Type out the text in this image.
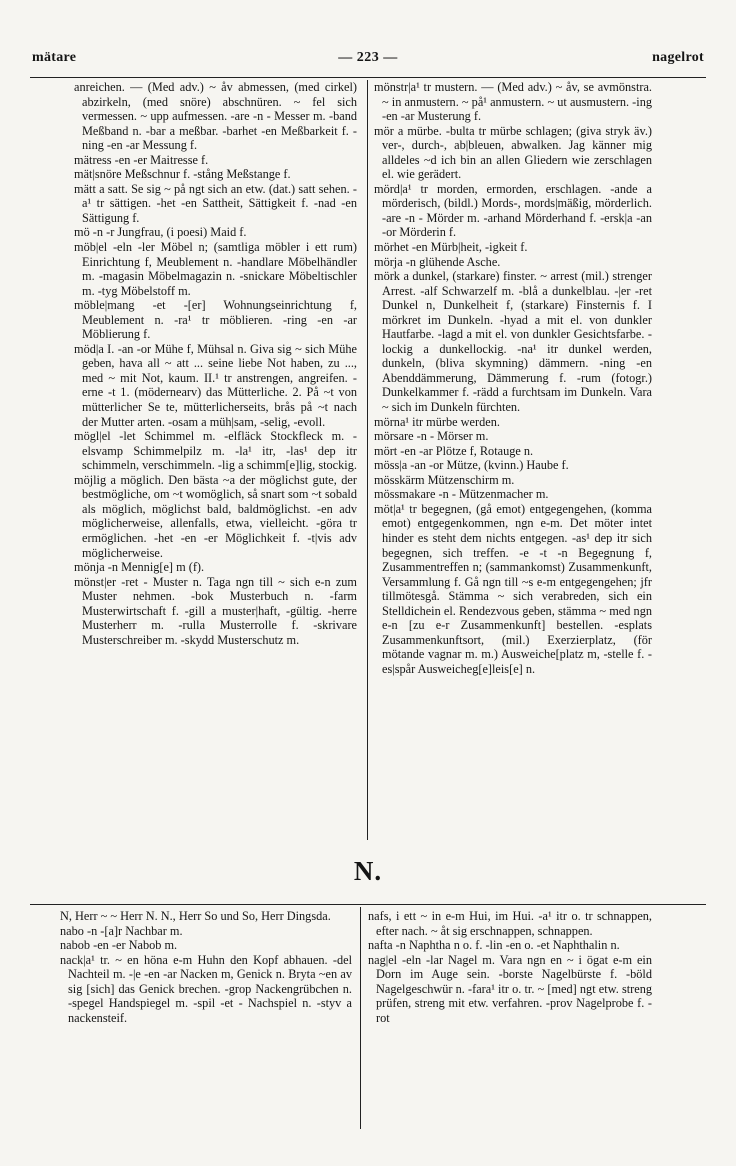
mätare	— 223 —	nagelrot

anreichen. — (Med adv.) ~ åv abmessen, (med cirkel) abzirkeln, (med snöre) abschnüren. ~ fel sich vermessen. ~ upp aufmessen. -are -n - Messer m. -band Meßband n. -bar a meßbar. -barhet -en Meßbarkeit f. -ning -en -ar Messung f.

mätress -en -er Maitresse f.

mät|snöre Meßschnur f. -stång Meßstange f.

mätt a satt. Se sig ~ på ngt sich an etw. (dat.) satt sehen. -a¹ tr sättigen. -het -en Sattheit, Sättigkeit f. -nad -en Sättigung f.

mö -n -r Jungfrau, (i poesi) Maid f.

möb|el -eln -ler Möbel n; (samtliga möbler i ett rum) Einrichtung f, Meublement n. -handlare Möbelhändler m. -magasin Möbelmagazin n. -snickare Möbeltischler m. -tyg Möbelstoff m.

möble|mang -et -[er] Wohnungseinrichtung f, Meublement n. -ra¹ tr möblieren. -ring -en -ar Möblierung f.

möd|a I. -an -or Mühe f, Mühsal n. Giva sig ~ sich Mühe geben, hava all ~ att ... seine liebe Not haben, zu ..., med ~ mit Not, kaum. II.¹ tr anstrengen, angreifen. -erne -t 1. (mödernearv) das Mütterliche. 2. På ~t von mütterlicher Se te, mütterlicherseits, brås på ~t nach der Mutter arten. -osam a müh|sam, -selig, -evoll.

mögl|el -let Schimmel m. -elfläck Stockfleck m. -elsvamp Schimmelpilz m. -la¹ itr, -las¹ dep itr schimmeln, verschimmeln. -lig a schimm[e]lig, stockig.

möjlig a möglich. Den bästa ~a der möglichst gute, der bestmögliche, om ~t womöglich, så snart som ~t sobald als möglich, möglichst bald, baldmöglichst. -en adv möglicherweise, allenfalls, etwa, vielleicht. -göra tr ermöglichen. -het -en -er Möglichkeit f. -t|vis adv möglicherweise.

mönja -n Mennig[e] m (f).

mönst|er -ret - Muster n. Taga ngn till ~ sich e-n zum Muster nehmen. -bok Musterbuch n. -farm Musterwirtschaft f. -gill a muster|haft, -gültig. -herre Musterherr m. -rulla Musterrolle f. -skrivare Musterschreiber m. -skydd Musterschutz m.

mönstr|a¹ tr mustern. — (Med adv.) ~ åv, se avmönstra. ~ in anmustern. ~ på¹ anmustern. ~ ut ausmustern. -ing -en -ar Musterung f.

mör a mürbe. -bulta tr mürbe schlagen; (giva stryk äv.) ver-, durch-, ab|bleuen, abwalken. Jag känner mig alldeles ~d ich bin an allen Gliedern wie zerschlagen el. wie gerädert.

mörd|a¹ tr morden, ermorden, erschlagen. -ande a mörderisch, (bildl.) Mords-, mords|mäßig, mörderlich. -are -n - Mörder m. -arhand Mörderhand f. -ersk|a -an -or Mörderin f.

mörhet -en Mürb|heit, -igkeit f.

mörja -n glühende Asche.

mörk a dunkel, (starkare) finster. ~ arrest (mil.) strenger Arrest. -alf Schwarzelf m. -blå a dunkelblau. -|er -ret Dunkel n, Dunkelheit f, (starkare) Finsternis f. I mörkret im Dunkeln. -hyad a mit el. von dunkler Hautfarbe. -lagd a mit el. von dunkler Gesichtsfarbe. -lockig a dunkellockig. -na¹ itr dunkel werden, dunkeln, (bliva skymning) dämmern. -ning -en Abenddämmerung, Dämmerung f. -rum (fotogr.) Dunkelkammer f. -rädd a furchtsam im Dunkeln. Vara ~ sich im Dunkeln fürchten.

mörna¹ itr mürbe werden.

mörsare -n - Mörser m.

mört -en -ar Plötze f, Rotauge n.

möss|a -an -or Mütze, (kvinn.) Haube f.

mösskärm Mützenschirm m.

mössmakare -n - Mützenmacher m.

möt|a¹ tr begegnen, (gå emot) entgegengehen, (komma emot) entgegenkommen, ngn e-m. Det möter intet hinder es steht dem nichts entgegen. -as¹ dep itr sich begegnen, sich treffen. -e -t -n Begegnung f, Zusammentreffen n; (sammankomst) Zusammenkunft, Versammlung f. Gå ngn till ~s e-m entgegengehen; jfr tillmötesgå. Stämma ~ sich verabreden, sich ein Stelldichein el. Rendezvous geben, stämma ~ med ngn e-n [zu e-r Zusammenkunft] bestellen. -esplats Zusammenkunftsort, (mil.) Exerzierplatz, (för mötande vagnar m. m.) Ausweiche[platz m, -stelle f. -es|spår Ausweicheg[e]leis[e] n.

N.

N, Herr ~ ~ Herr N. N., Herr So und So, Herr Dingsda.

nabo -n -[a]r Nachbar m.

nabob -en -er Nabob m.

nack|a¹ tr. ~ en höna e-m Huhn den Kopf abhauen. -del Nachteil m. -|e -en -ar Nacken m, Genick n. Bryta ~en av sig [sich] das Genick brechen. -grop Nackengrübchen n. -spegel Handspiegel m. -spil -et - Nachspiel n. -styv a nackensteif.

nafs, i ett ~ in e-m Hui, im Hui. -a¹ itr o. tr schnappen, efter nach. ~ åt sig erschnappen, schnappen.

nafta -n Naphtha n o. f. -lin -en o. -et Naphthalin n.

nag|el -eln -lar Nagel m. Vara ngn en ~ i ögat e-m ein Dorn im Auge sein. -borste Nagelbürste f. -böld Nagelgeschwür n. -fara¹ itr o. tr. ~ [med] ngt etw. streng prüfen, streng mit etw. verfahren. -prov Nagelprobe f. -rot
